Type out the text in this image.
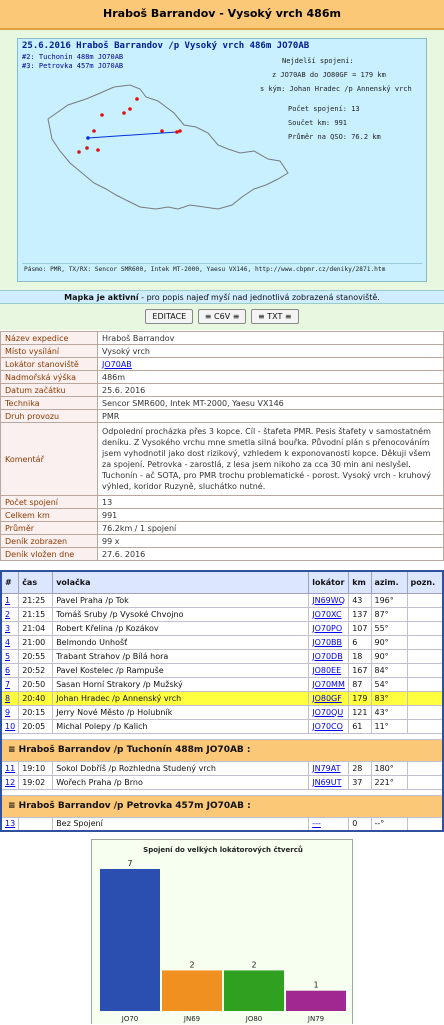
Hraboš Barrandov - Vysoký vrch 486m
25.6.2016 Hraboš Barrandov /p Vysoký vrch 486m JO70AB
#2: Tuchonín 488m JO70AB
#3: Petrovka 457m JO70AB
Nejdelší spojení:
z JO70AB do JO80GF = 179 km
s kým: Johan Hradec /p Annenský vrch
Počet spojení: 13
Součet km: 991
Průměr na QSO: 76.2 km
Pásmo: PMR, TX/RX: Sencor SMR600, Intek MT-2000, Yaesu VX146, http://www.cbpmr.cz/deniky/2871.htm
Mapka je aktivní - pro popis najeď myší nad jednotlivá zobrazená stanoviště.
EDITACE ≡ C6V ≡ ≡ TXT ≡
Název expedice	Hraboš Barrandov
Místo vysílání	Vysoký vrch
Lokátor stanoviště	JO70AB
Nadmořská výška	486m
Datum začátku	25.6. 2016
Technika	Sencor SMR600, Intek MT-2000, Yaesu VX146
Druh provozu	PMR
Komentář	Odpolední procházka přes 3 kopce. Cíl - štafeta PMR. Pesis štafety v samostatném deníku. Z Vysokého vrchu mne smetla silná bouřka. Původní plán s přenocováním jsem vyhodnotil jako dost rizikový, vzhledem k exponovanosti kopce. Děkuji všem za spojení. Petrovka - zarostlá, z lesa jsem nikoho za cca 30 min ani neslyšel. Tuchonín - ač SOTA, pro PMR trochu problematické - porost. Vysoký vrch - kruhový výhled, koridor Ruzyně, sluchátko nutné.
Počet spojení	13
Celkem km	991
Průměr	76.2km / 1 spojení
Deník zobrazen	99 x
Deník vložen dne	27.6. 2016
#	čas	volačka	lokátor	km	azim.	pozn.
1	21:25	Pavel Praha /p Tok	JN69WQ	43	196°	
2	21:15	Tomáš Sruby /p Vysoké Chvojno	JO70XC	137	87°	
3	21:04	Robert Křelina /p Kozákov	JO70PO	107	55°	
4	21:00	Belmondo Unhošť	JO70BB	6	90°	
5	20:55	Trabant Strahov /p Bílá hora	JO70DB	18	90°	
6	20:52	Pavel Kostelec /p Rampuše	JO80EE	167	84°	
7	20:50	Sasan Horní Strakory /p Mužský	JO70MM	87	54°	
8	20:40	Johan Hradec /p Annenský vrch	JO80GF	179	83°	
9	20:15	Jerry Nové Město /p Holubník	JO70QU	121	43°	
10	20:05	Michal Polepy /p Kalich	JO70CO	61	11°	

≡ Hraboš Barrandov /p Tuchonín 488m JO70AB :						
11	19:10	Sokol Dobříš /p Rozhledna Studený vrch	JN79AT	28	180°	
12	19:02	Wořech Praha /p Brno	JN69UT	37	221°	

≡ Hraboš Barrandov /p Petrovka 457m JO70AB :						
13		Bez Spojení	---	0	--°	
Spojení do velkých lokátorových čtverců
7
JO70
2
JN69
2
JO80
1
JN79
